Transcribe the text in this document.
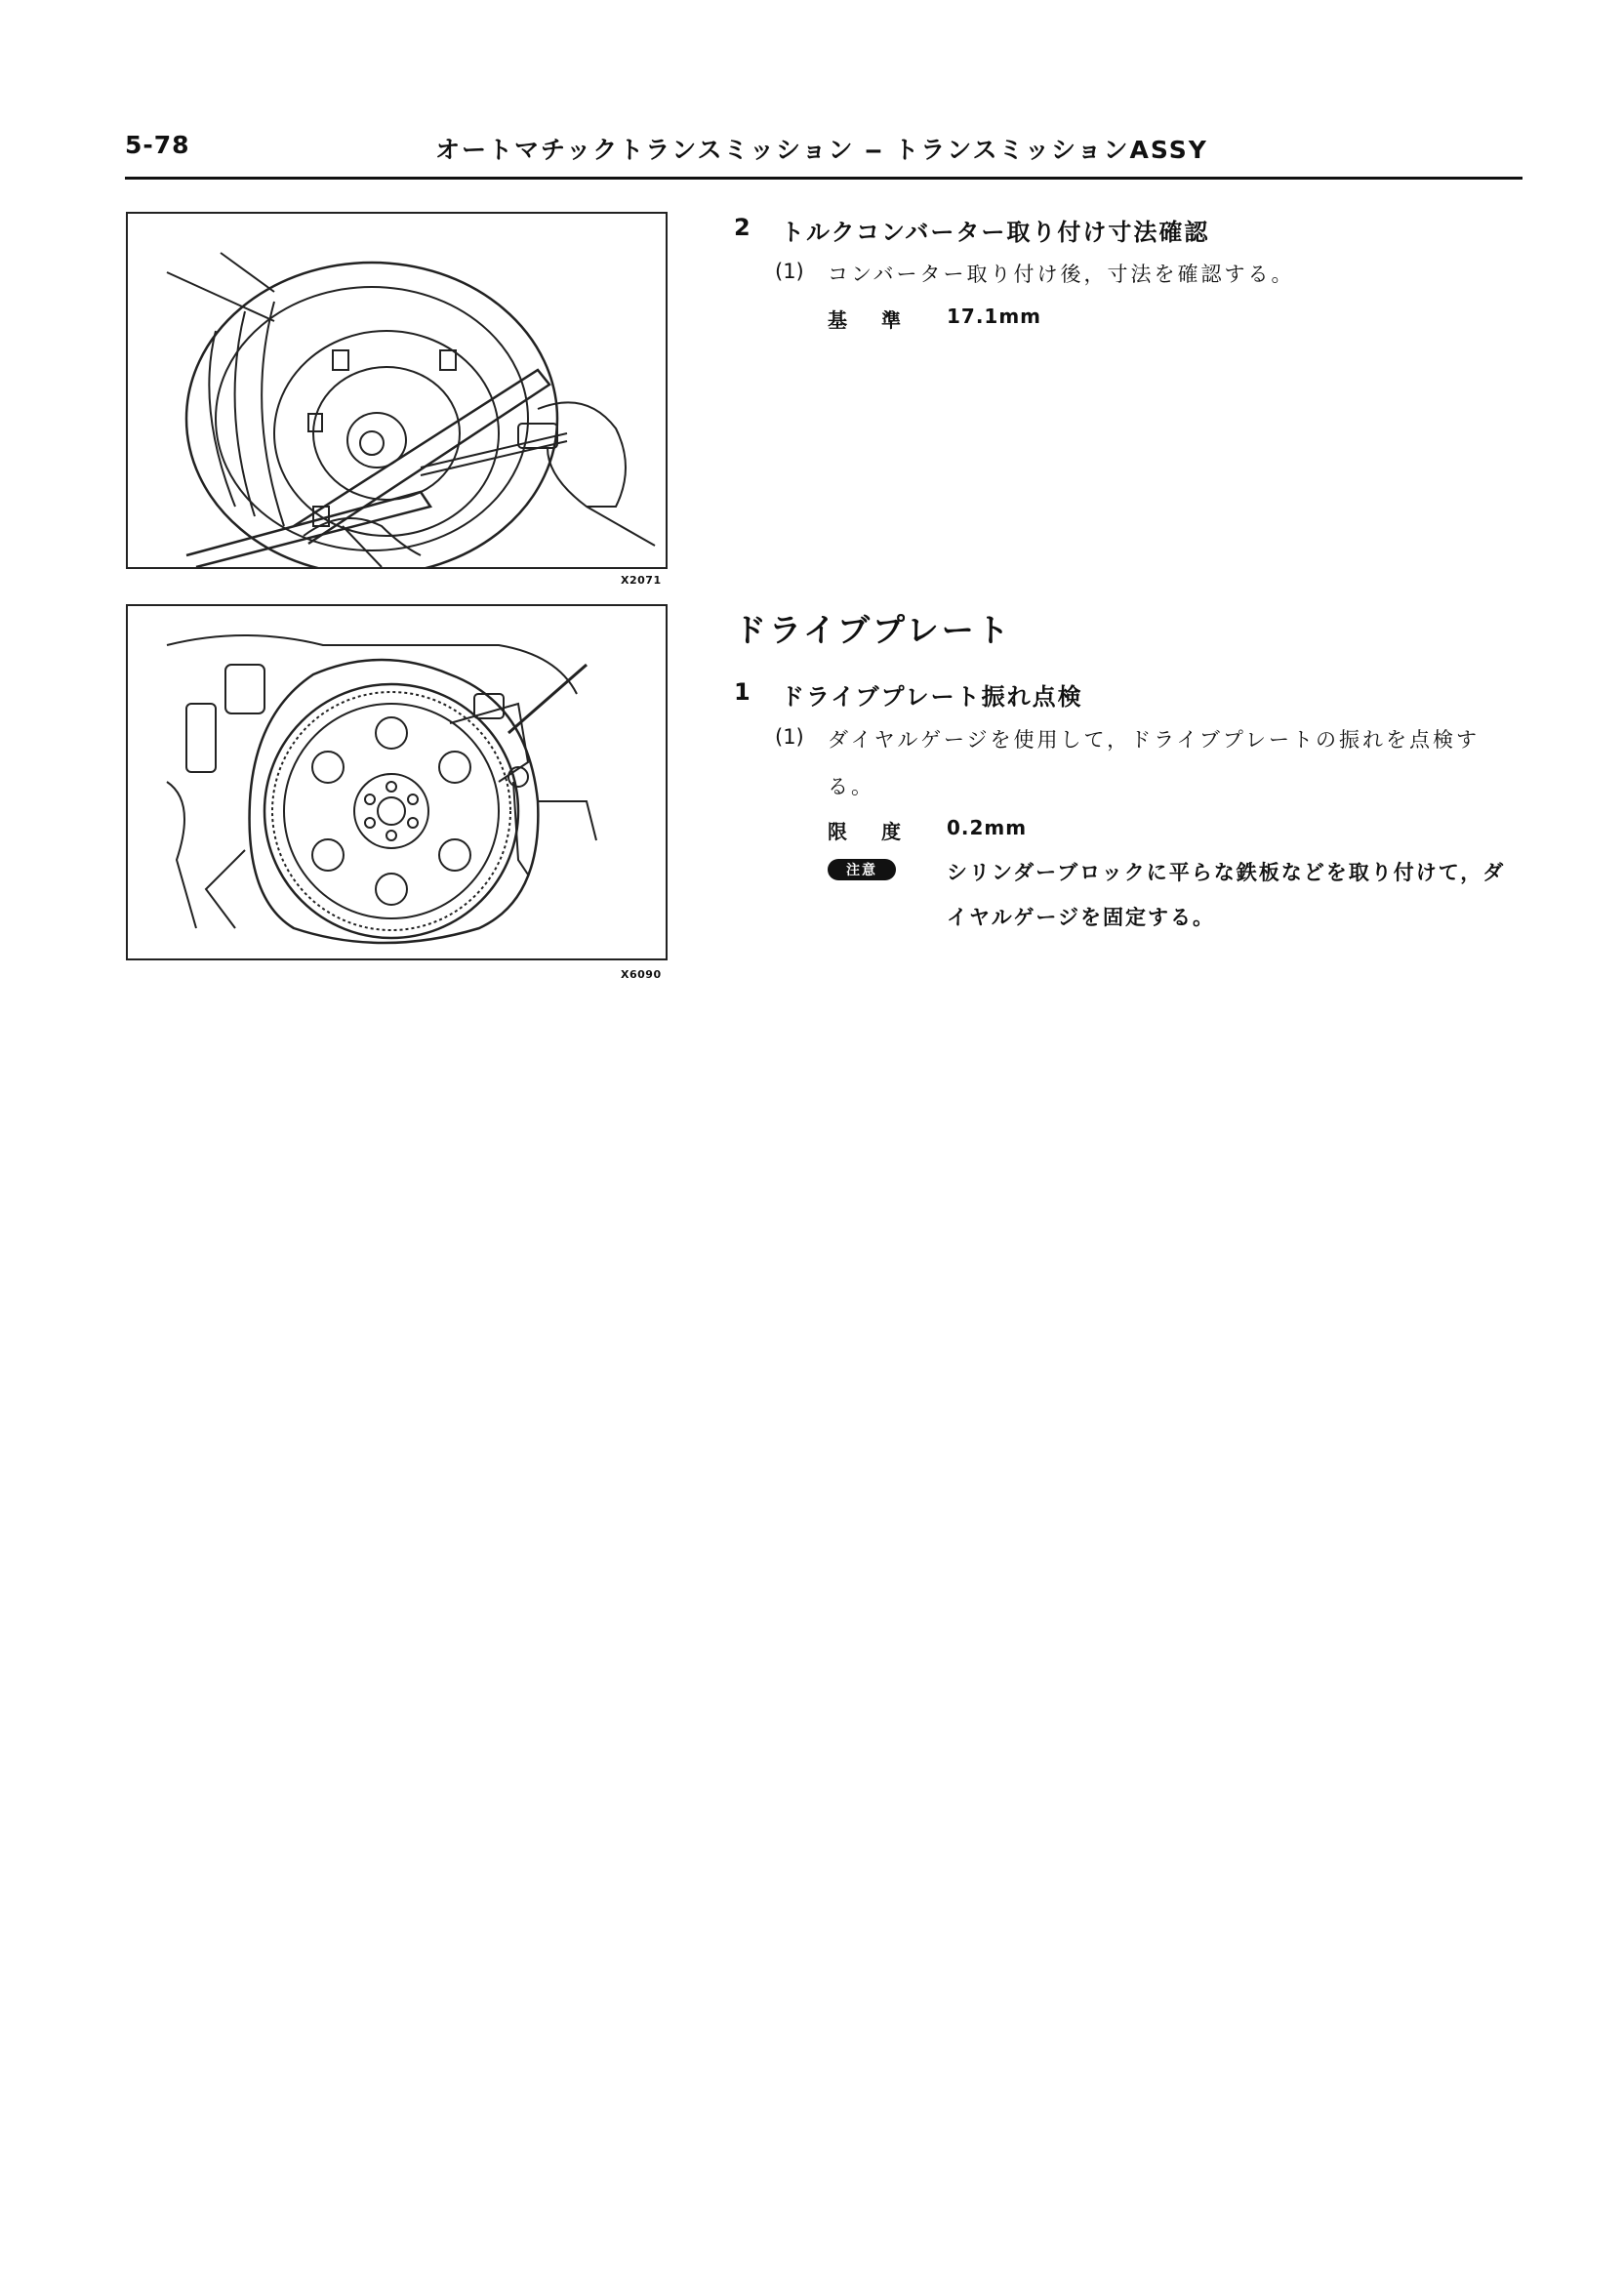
5-78	オートマチックトランスミッション ‒ トランスミッションASSY
X2071
X6090
2 トルクコンバーター取り付け寸法確認
(1) コンバーター取り付け後，寸法を確認する。
基 準 17.1mm
ドライブプレート
1 ドライブプレート振れ点検
(1) ダイヤルゲージを使用して，ドライブプレートの振れを点検す
る。
限 度 0.2mm
注意	シリンダーブロックに平らな鉄板などを取り付けて，ダ
イヤルゲージを固定する。
